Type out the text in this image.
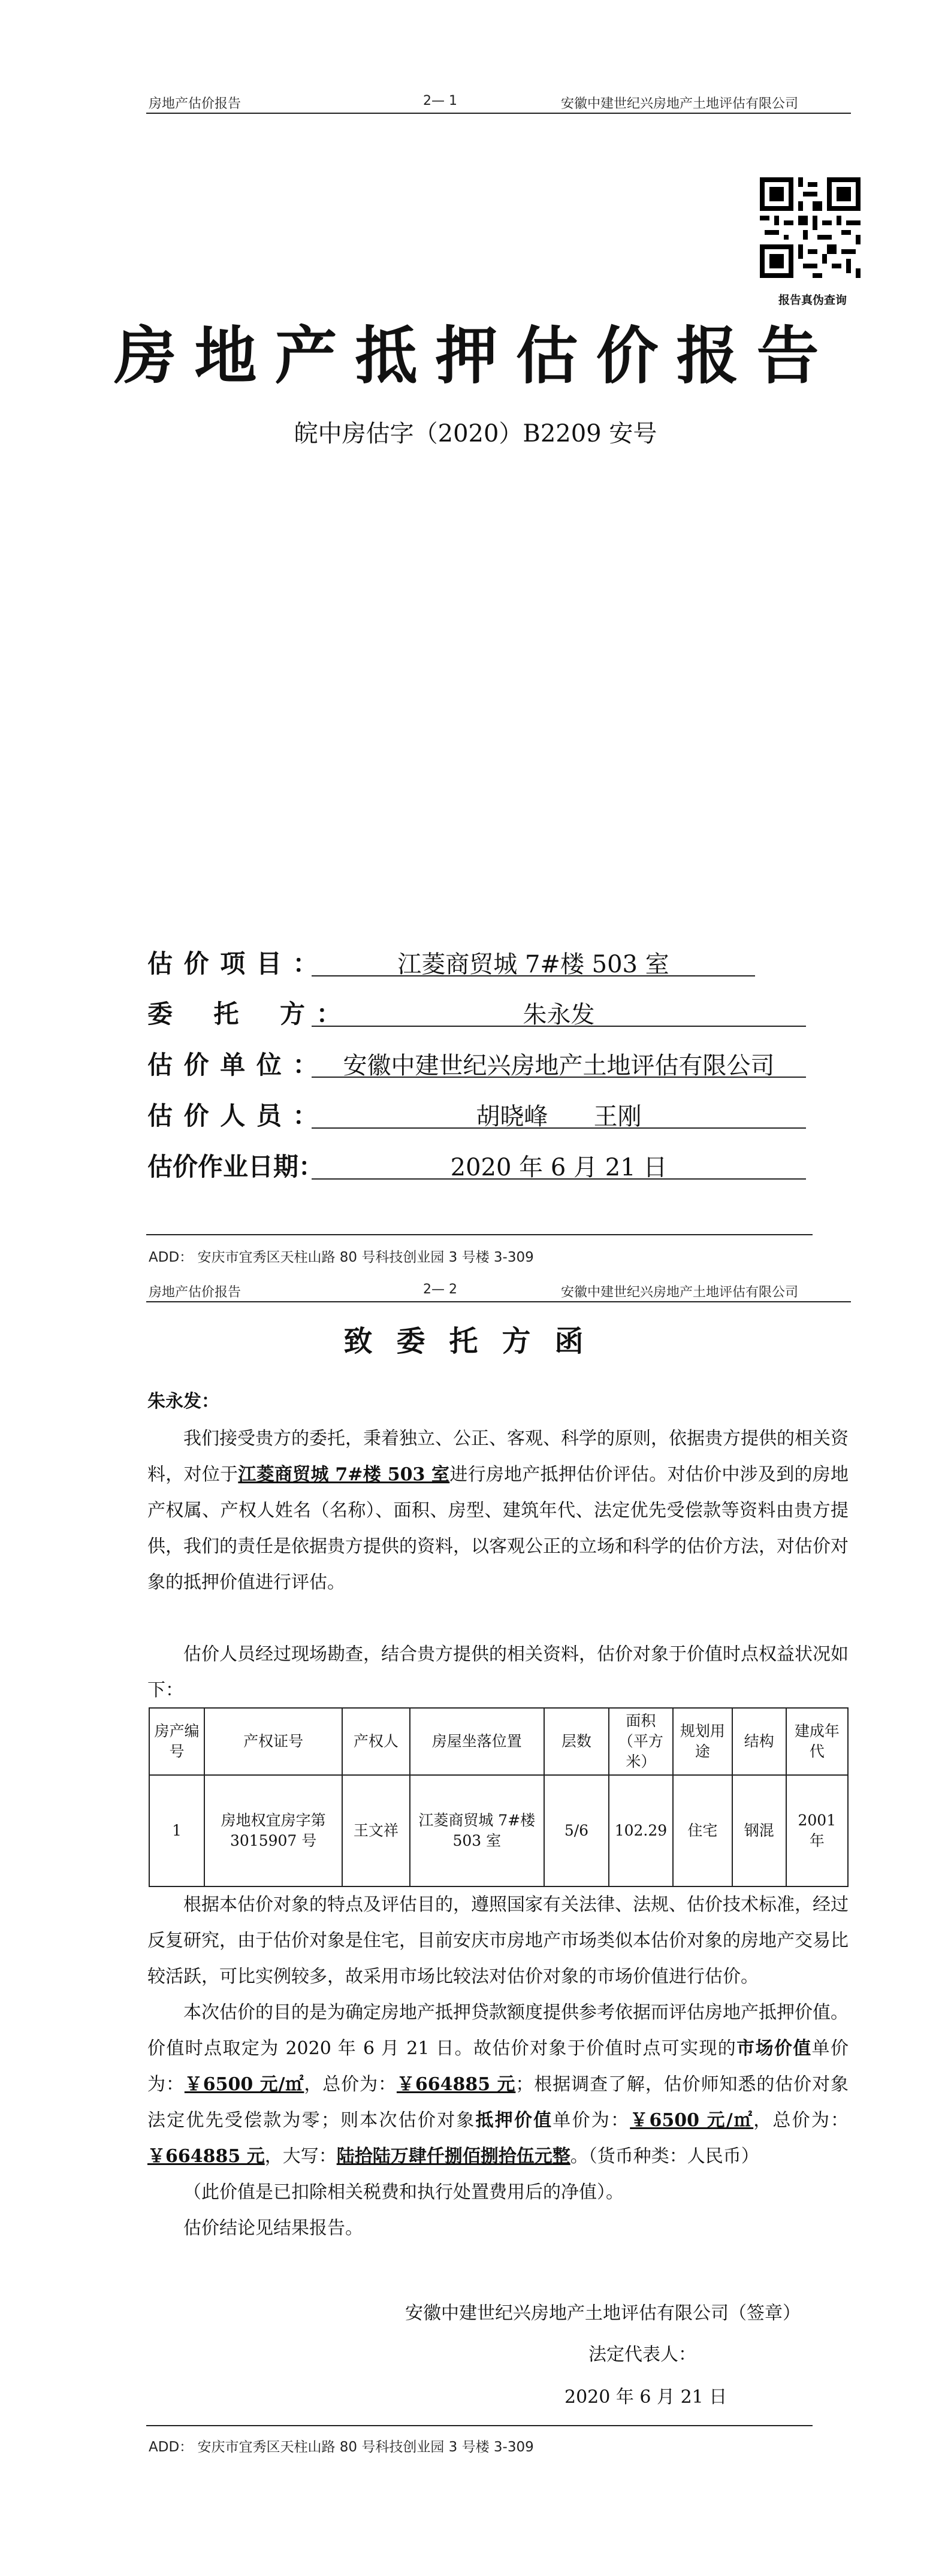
房地产估价报告	2— 1	安徽中建世纪兴房地产土地评估有限公司
报告真伪查询
房地产抵押估价报告
皖中房估字（2020）B2209 安号
估 价 项 目 ：	江菱商贸城 7#楼 503 室
委    托    方 ：	朱永发
估 价 单 位 ：	安徽中建世纪兴房地产土地评估有限公司
估 价 人 员 ：	胡晓峰      王刚
估价作业日期：	2020 年 6 月 21 日
ADD： 安庆市宜秀区天柱山路 80 号科技创业园 3 号楼 3-309
房地产估价报告	2— 2	安徽中建世纪兴房地产土地评估有限公司
致委托方函
朱永发：
我们接受贵方的委托，秉着独立、公正、客观、科学的原则，依据贵方提供的相关资料，对位于江菱商贸城 7#楼 503 室进行房地产抵押估价评估。对估价中涉及到的房地产权属、产权人姓名（名称）、面积、房型、建筑年代、法定优先受偿款等资料由贵方提供，我们的责任是依据贵方提供的资料，以客观公正的立场和科学的估价方法，对估价对象的抵押价值进行评估。
估价人员经过现场勘查，结合贵方提供的相关资料，估价对象于价值时点权益状况如下：
房产编号	产权证号	产权人	房屋坐落位置	层数	面积（平方米）	规划用途	结构	建成年代
1	房地权宜房字第 3015907 号	王文祥	江菱商贸城 7#楼 503 室	5/6	102.29	住宅	钢混	2001 年
根据本估价对象的特点及评估目的，遵照国家有关法律、法规、估价技术标准，经过反复研究，由于估价对象是住宅，目前安庆市房地产市场类似本估价对象的房地产交易比较活跃，可比实例较多，故采用市场比较法对估价对象的市场价值进行估价。
本次估价的目的是为确定房地产抵押贷款额度提供参考依据而评估房地产抵押价值。价值时点取定为 2020 年 6 月 21 日。故估价对象于价值时点可实现的市场价值单价为：￥6500 元/㎡，总价为：￥664885 元；根据调查了解，估价师知悉的估价对象法定优先受偿款为零；则本次估价对象抵押价值单价为：￥6500 元/㎡，总价为：￥664885 元，大写：陆拾陆万肆仟捌佰捌拾伍元整。（货币种类：人民币）
（此价值是已扣除相关税费和执行处置费用后的净值）。
估价结论见结果报告。
安徽中建世纪兴房地产土地评估有限公司（签章）
法定代表人：
2020 年 6 月 21 日
ADD： 安庆市宜秀区天柱山路 80 号科技创业园 3 号楼 3-309
